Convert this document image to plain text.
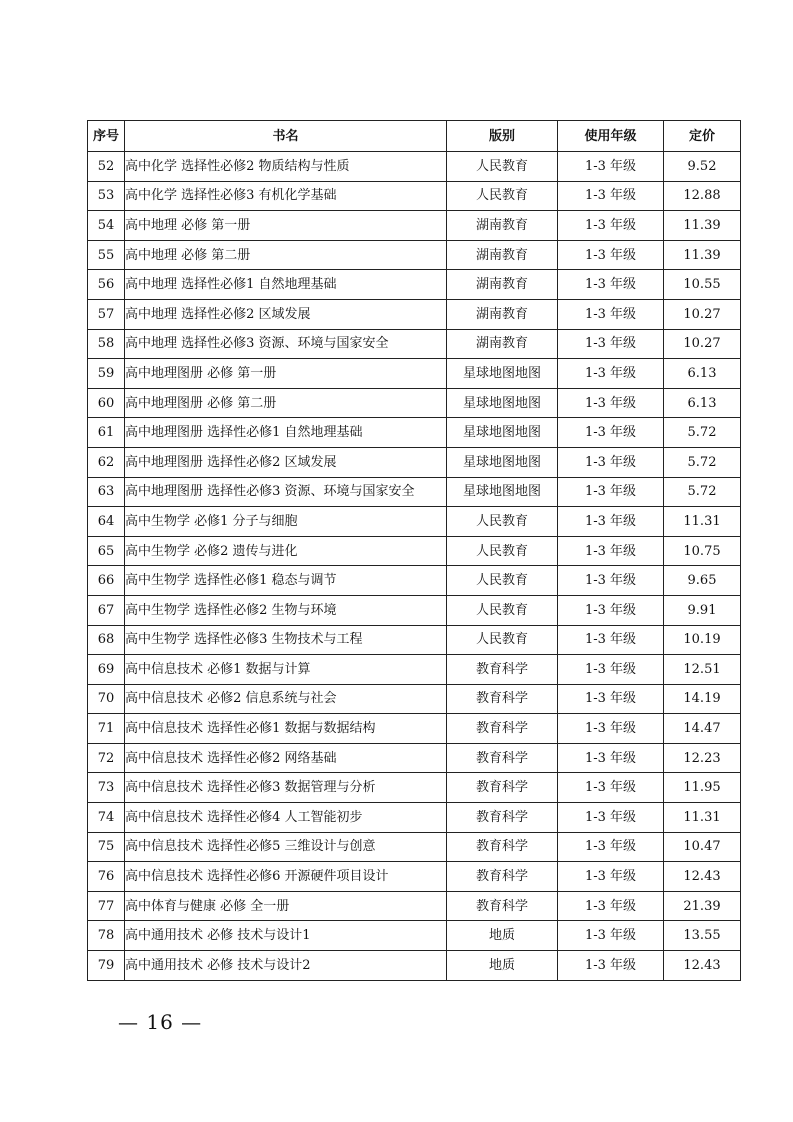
序号	书名	版别	使用年级	定价
52	高中化学 选择性必修2 物质结构与性质	人民教育	1-3 年级	9.52
53	高中化学 选择性必修3 有机化学基础	人民教育	1-3 年级	12.88
54	高中地理 必修 第一册	湖南教育	1-3 年级	11.39
55	高中地理 必修 第二册	湖南教育	1-3 年级	11.39
56	高中地理 选择性必修1 自然地理基础	湖南教育	1-3 年级	10.55
57	高中地理 选择性必修2 区域发展	湖南教育	1-3 年级	10.27
58	高中地理 选择性必修3 资源、环境与国家安全	湖南教育	1-3 年级	10.27
59	高中地理图册 必修 第一册	星球地图地图	1-3 年级	6.13
60	高中地理图册 必修 第二册	星球地图地图	1-3 年级	6.13
61	高中地理图册 选择性必修1 自然地理基础	星球地图地图	1-3 年级	5.72
62	高中地理图册 选择性必修2 区域发展	星球地图地图	1-3 年级	5.72
63	高中地理图册 选择性必修3 资源、环境与国家安全	星球地图地图	1-3 年级	5.72
64	高中生物学 必修1 分子与细胞	人民教育	1-3 年级	11.31
65	高中生物学 必修2 遗传与进化	人民教育	1-3 年级	10.75
66	高中生物学 选择性必修1 稳态与调节	人民教育	1-3 年级	9.65
67	高中生物学 选择性必修2 生物与环境	人民教育	1-3 年级	9.91
68	高中生物学 选择性必修3 生物技术与工程	人民教育	1-3 年级	10.19
69	高中信息技术 必修1 数据与计算	教育科学	1-3 年级	12.51
70	高中信息技术 必修2 信息系统与社会	教育科学	1-3 年级	14.19
71	高中信息技术 选择性必修1 数据与数据结构	教育科学	1-3 年级	14.47
72	高中信息技术 选择性必修2 网络基础	教育科学	1-3 年级	12.23
73	高中信息技术 选择性必修3 数据管理与分析	教育科学	1-3 年级	11.95
74	高中信息技术 选择性必修4 人工智能初步	教育科学	1-3 年级	11.31
75	高中信息技术 选择性必修5 三维设计与创意	教育科学	1-3 年级	10.47
76	高中信息技术 选择性必修6 开源硬件项目设计	教育科学	1-3 年级	12.43
77	高中体育与健康 必修 全一册	教育科学	1-3 年级	21.39
78	高中通用技术 必修 技术与设计1	地质	1-3 年级	13.55
79	高中通用技术 必修 技术与设计2	地质	1-3 年级	12.43
— 16 —
